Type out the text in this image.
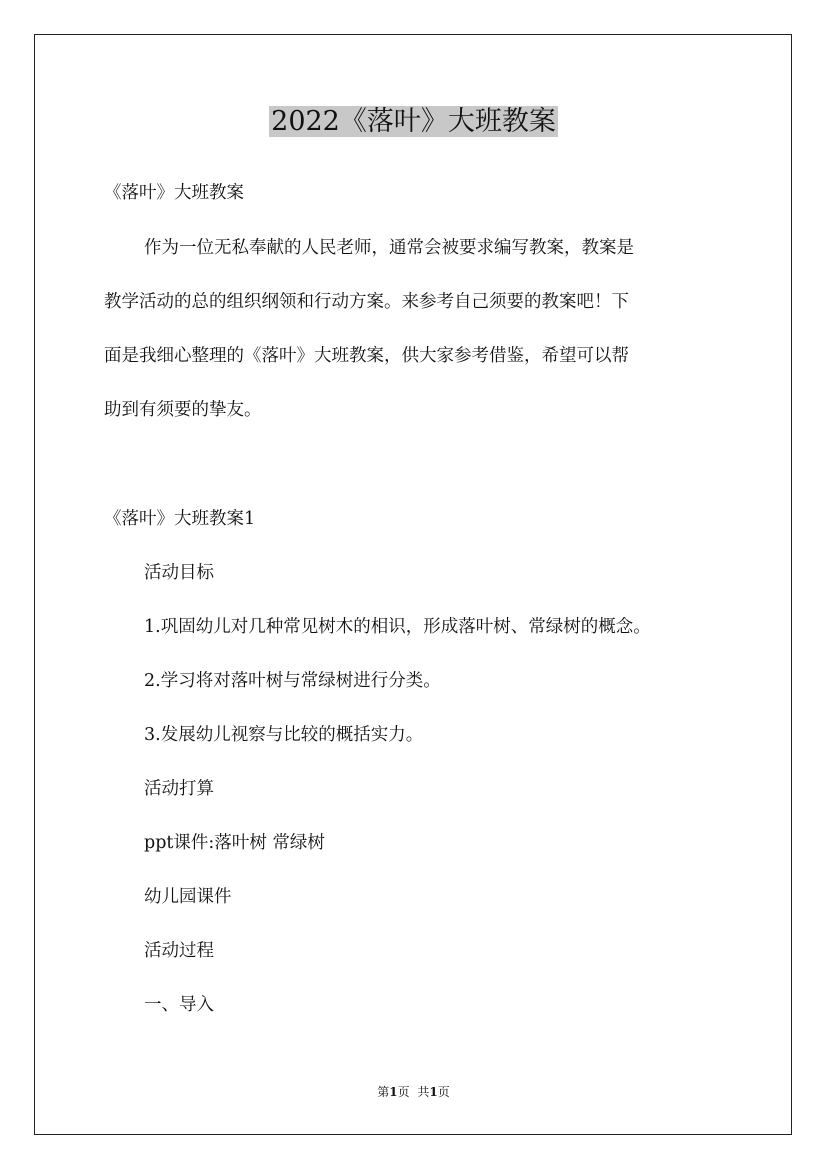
2022《落叶》大班教案

《落叶》大班教案

作为一位无私奉献的人民老师，通常会被要求编写教案，教案是

教学活动的总的组织纲领和行动方案。来参考自己须要的教案吧！下

面是我细心整理的《落叶》大班教案，供大家参考借鉴，希望可以帮

助到有须要的挚友。

《落叶》大班教案1

活动目标

1.巩固幼儿对几种常见树木的相识，形成落叶树、常绿树的概念。

2.学习将对落叶树与常绿树进行分类。

3.发展幼儿视察与比较的概括实力。

活动打算

ppt课件:落叶树 常绿树

幼儿园课件

活动过程

一、导入

第1页 共1页
